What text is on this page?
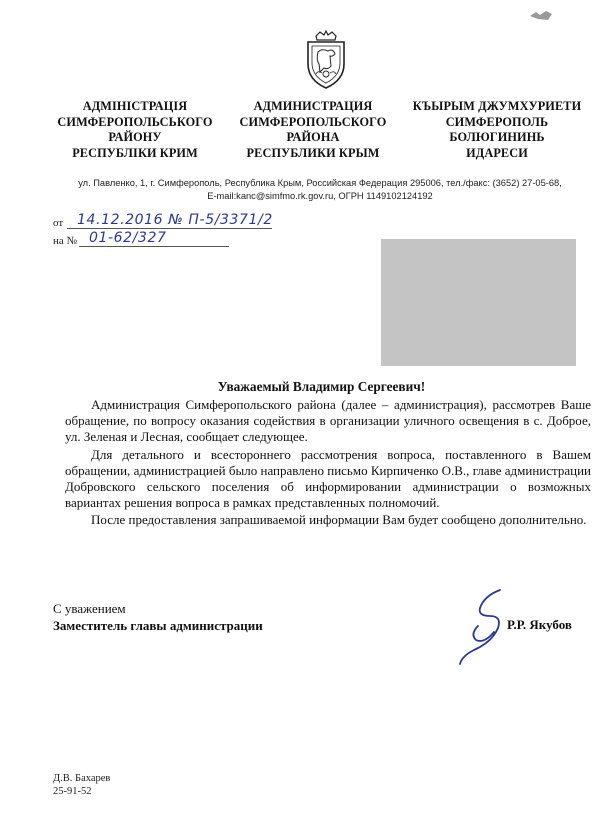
АДМІНІСТРАЦІЯ
СИМФЕРОПОЛЬСЬКОГО
РАЙОНУ
РЕСПУБЛІКИ КРИМ
АДМИНИСТРАЦИЯ
СИМФЕРОПОЛЬСКОГО
РАЙОНА
РЕСПУБЛИКИ КРЫМ
КЪЫРЫМ ДЖУМХУРИЕТИ
СИМФЕРОПОЛЬ
БОЛЮГИНИНЬ
ИДАРЕСИ
ул. Павленко, 1, г. Симферополь, Республика Крым, Российская Федерация 295006, тел./факс: (3652) 27-05-68,
E-mail:kanc@simfmo.rk.gov.ru, ОГРН 1149102124192
от 14.12.2016 № П-5/3371/2
на № 01-62/327
Уважаемый Владимир Сергеевич!

Администрация Симферопольского района (далее – администрация), рассмотрев Ваше обращение, по вопросу оказания содействия в организации уличного освещения в с. Доброе, ул. Зеленая и Лесная, сообщает следующее.

Для детального и всестороннего рассмотрения вопроса, поставленного в Вашем обращении, администрацией было направлено письмо Кирпиченко О.В., главе администрации Добровского сельского поселения об информировании администрации о возможных вариантах решения вопроса в рамках представленных полномочий.

После предоставления запрашиваемой информации Вам будет сообщено дополнительно.

С уважением
Заместитель главы администрации	Р.Р. Якубов
Д.В. Бахарев
25-91-52
